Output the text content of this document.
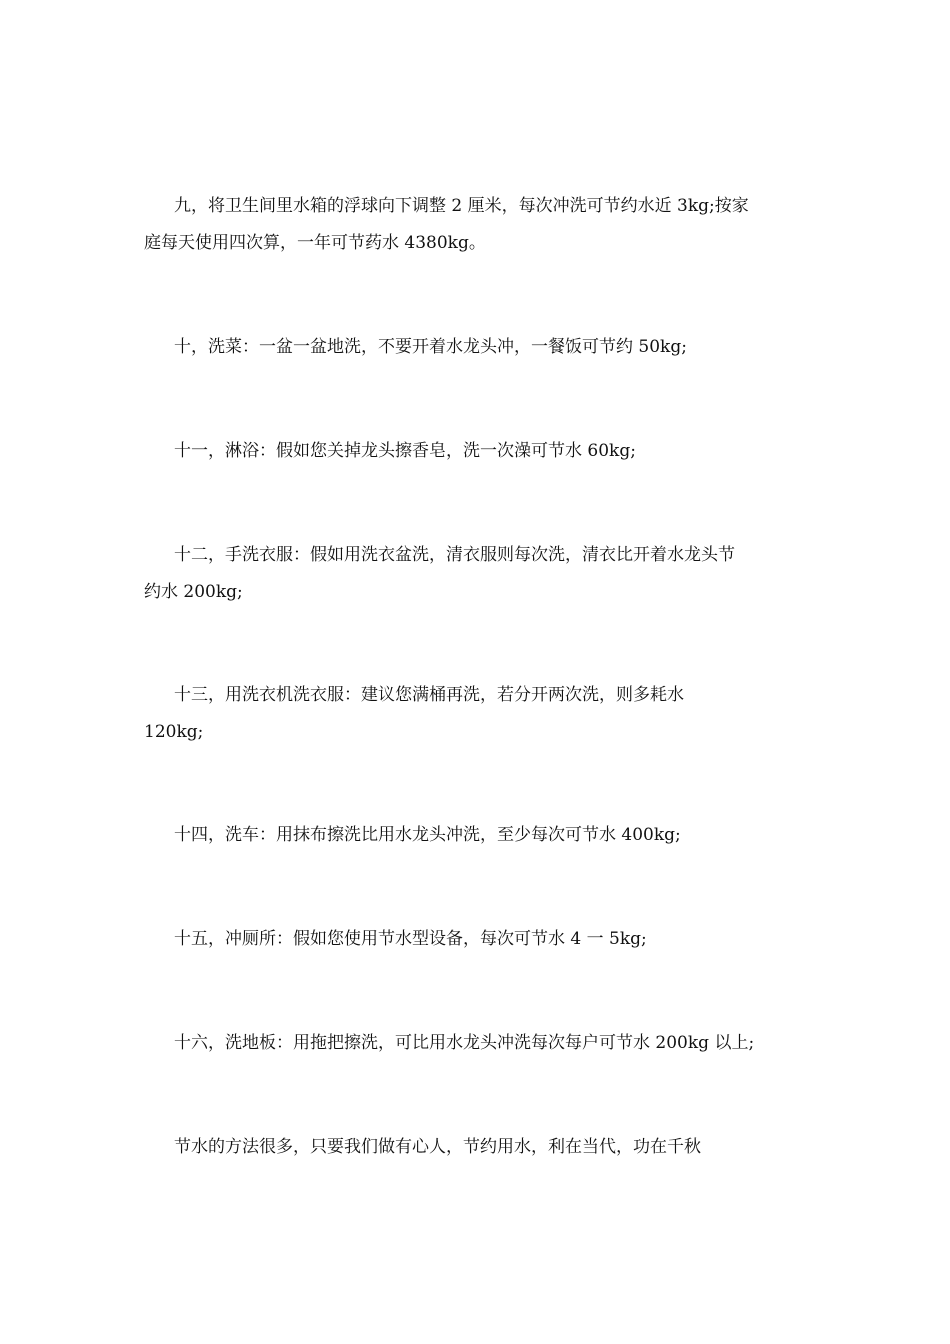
九，将卫生间里水箱的浮球向下调整 2 厘米，每次冲洗可节约水近 3kg;按家
庭每天使用四次算，一年可节药水 4380kg。
十，洗菜：一盆一盆地洗，不要开着水龙头冲，一餐饭可节约 50kg;
十一，淋浴：假如您关掉龙头擦香皂，洗一次澡可节水 60kg;
十二，手洗衣服：假如用洗衣盆洗，清衣服则每次洗，清衣比开着水龙头节
约水 200kg;
十三，用洗衣机洗衣服：建议您满桶再洗，若分开两次洗，则多耗水
120kg;
十四，洗车：用抹布擦洗比用水龙头冲洗，至少每次可节水 400kg;
十五，冲厕所：假如您使用节水型设备，每次可节水 4 一 5kg;
十六，洗地板：用拖把擦洗，可比用水龙头冲洗每次每户可节水 200kg 以上;
节水的方法很多，只要我们做有心人，节约用水，利在当代，功在千秋
